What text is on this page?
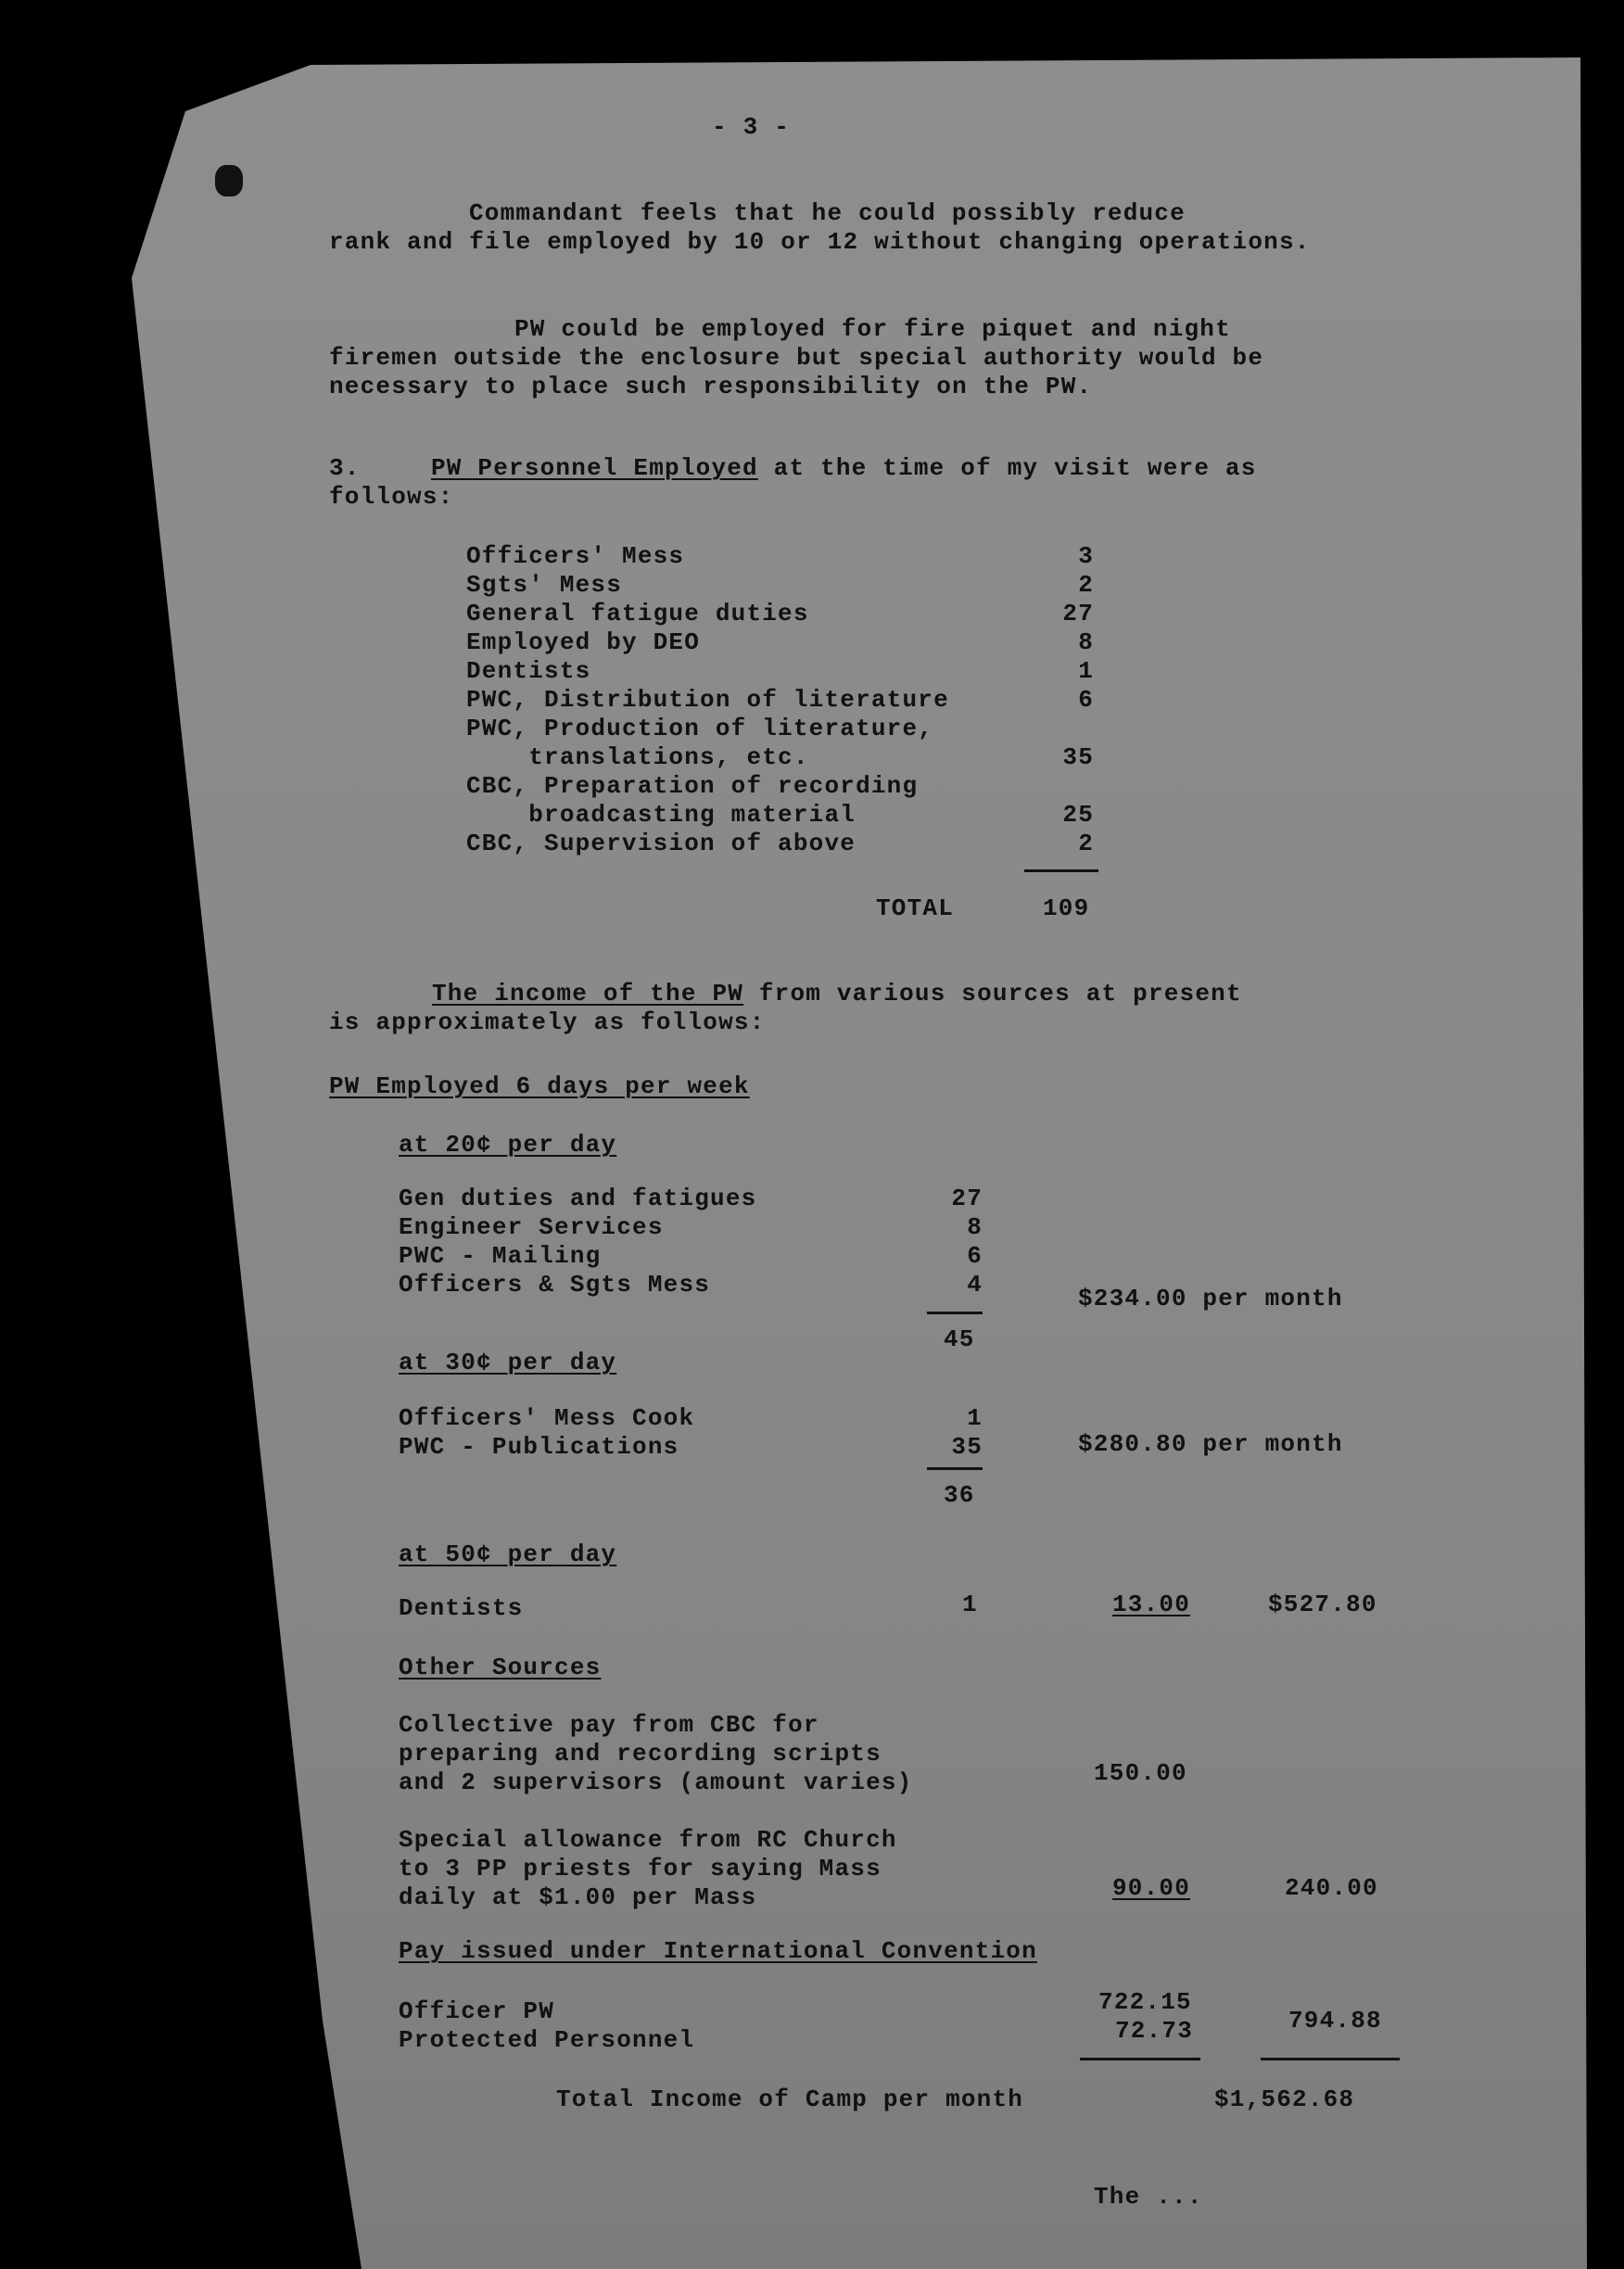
- 3 -
Commandant feels that he could possibly reduce
rank and file employed by 10 or 12 without changing operations.
PW could be employed for fire piquet and night
firemen outside the enclosure but special authority would be
necessary to place such responsibility on the PW.
3.	PW Personnel Employed at the time of my visit were as
follows:
Officers' Mess	3
Sgts' Mess	2
General fatigue duties	27
Employed by DEO	8
Dentists	1
PWC, Distribution of literature	6
PWC, Production of literature,
translations, etc.	35
CBC, Preparation of recording
broadcasting material	25
CBC, Supervision of above	2
TOTAL	109
The income of the PW from various sources at present
is approximately as follows:
PW Employed 6 days per week
at 20¢ per day
Gen duties and fatigues	27
Engineer Services	8
PWC - Mailing	6
Officers & Sgts Mess	4	$234.00 per month
45
at 30¢ per day
Officers' Mess Cook	1
PWC - Publications	35	$280.80 per month
36
at 50¢ per day
Dentists	1	13.00	$527.80
Other Sources
Collective pay from CBC for
preparing and recording scripts
and 2 supervisors (amount varies)	150.00
Special allowance from RC Church
to 3 PP priests for saying Mass
daily at $1.00 per Mass	90.00	240.00
Pay issued under International Convention
Officer PW	722.15
Protected Personnel	72.73	794.88
Total Income of Camp per month	$1,562.68
The ...
